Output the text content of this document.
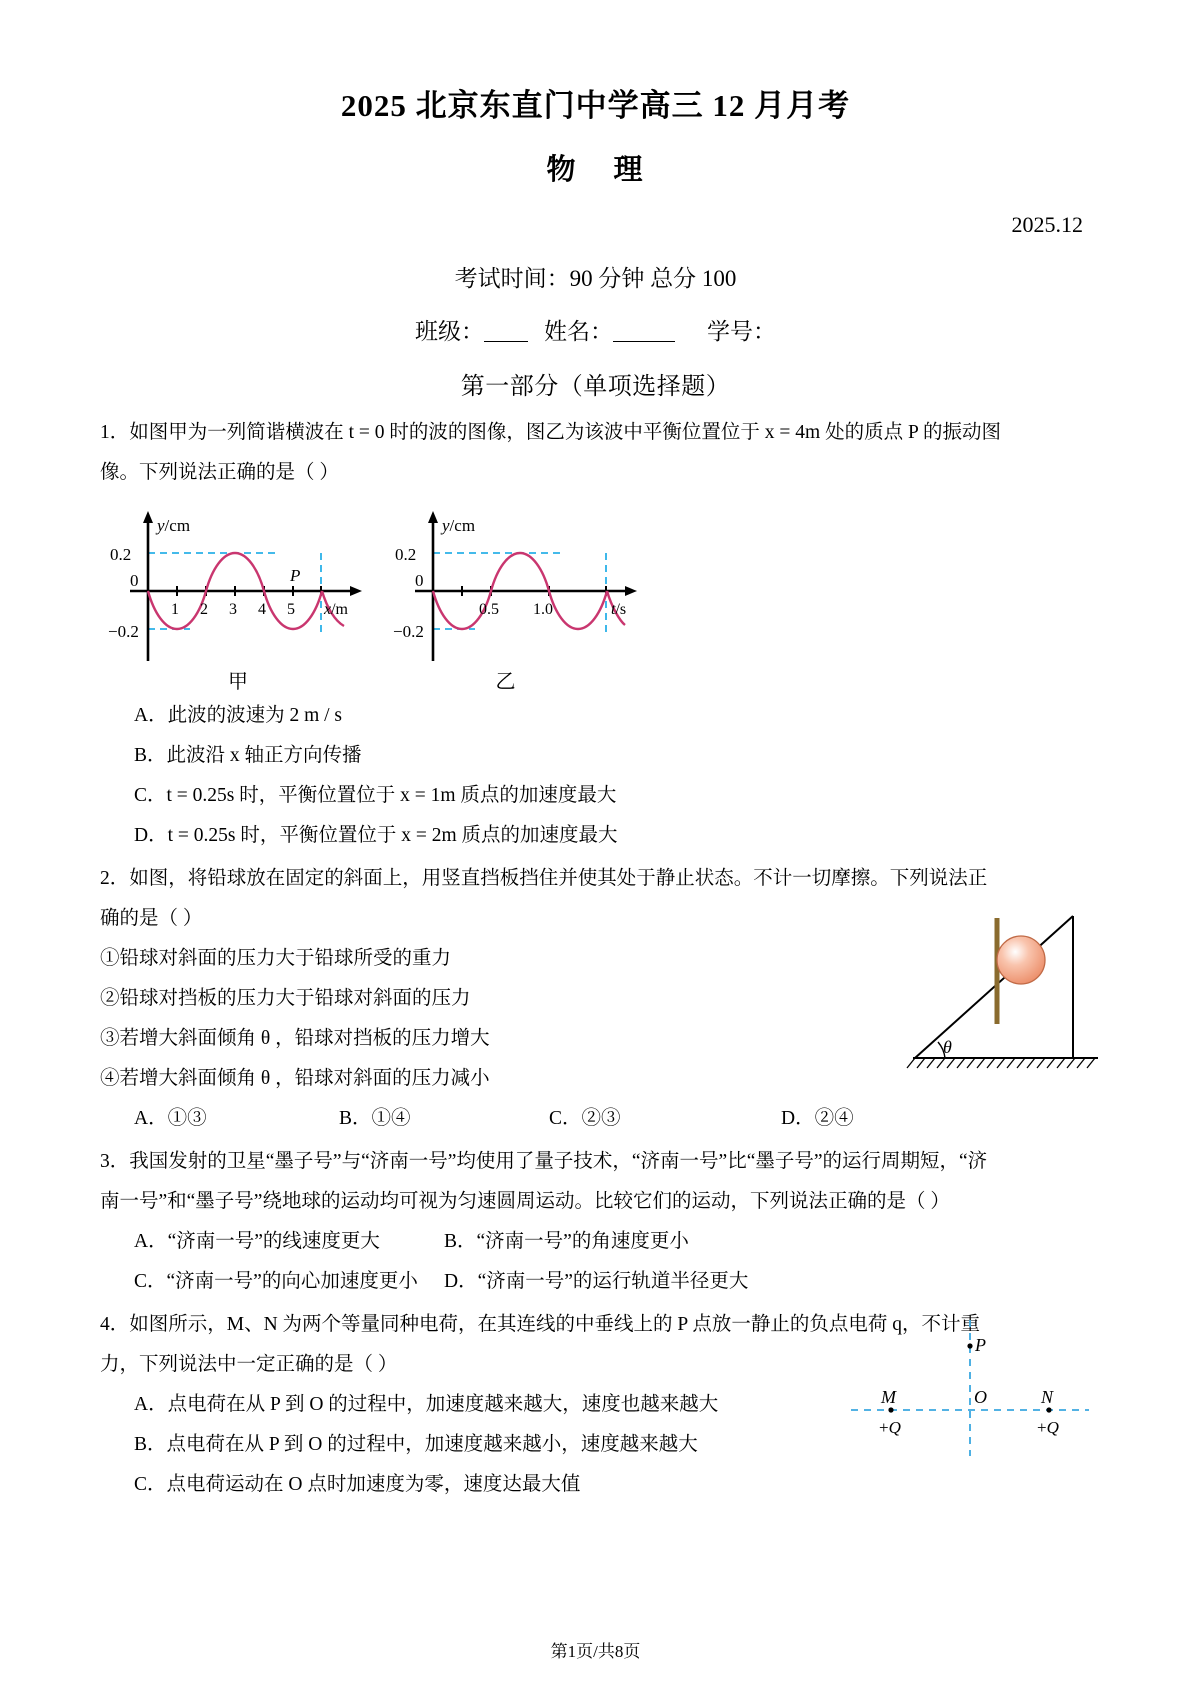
2025 北京东直门中学高三 12 月月考
物 理
2025.12
考试时间：90 分钟 总分 100
班级：	姓名：	学号：
第一部分（单项选择题）
1．如图甲为一列简谐横波在 t = 0 时的波的图像，图乙为该波中平衡位置位于 x = 4m 处的质点 P 的振动图
像。下列说法正确的是（ ）
y/cm
0.2
0
−0.2
1 2 3 4 5 x/m
P
甲
y/cm
0.2
0
−0.2
0.5 1.0	t/s
乙
A．此波的波速为 2 m / s
B．此波沿 x 轴正方向传播
C．t = 0.25s 时，平衡位置位于 x = 1m 质点的加速度最大
D．t = 0.25s 时，平衡位置位于 x = 2m 质点的加速度最大
2．如图，将铅球放在固定的斜面上，用竖直挡板挡住并使其处于静止状态。不计一切摩擦。下列说法正
确的是（ ）
①铅球对斜面的压力大于铅球所受的重力
②铅球对挡板的压力大于铅球对斜面的压力
③若增大斜面倾角 θ ，铅球对挡板的压力增大
④若增大斜面倾角 θ ，铅球对斜面的压力减小
A．①③	B．①④	C．②③	D．②④
3．我国发射的卫星“墨子号”与“济南一号”均使用了量子技术，“济南一号”比“墨子号”的运行周期短，“济
南一号”和“墨子号”绕地球的运动均可视为匀速圆周运动。比较它们的运动，下列说法正确的是（ ）
A．“济南一号”的线速度更大	B．“济南一号”的角速度更小
C．“济南一号”的向心加速度更小	D．“济南一号”的运行轨道半径更大
4．如图所示，M、N 为两个等量同种电荷，在其连线的中垂线上的 P 点放一静止的负点电荷 q，不计重
力，下列说法中一定正确的是（ ）
A．点电荷在从 P 到 O 的过程中，加速度越来越大，速度也越来越大
B．点电荷在从 P 到 O 的过程中，加速度越来越小，速度越来越大
C．点电荷运动在 O 点时加速度为零，速度达最大值
θ
P
M
+Q
N
+Q
O
第1页/共8页
